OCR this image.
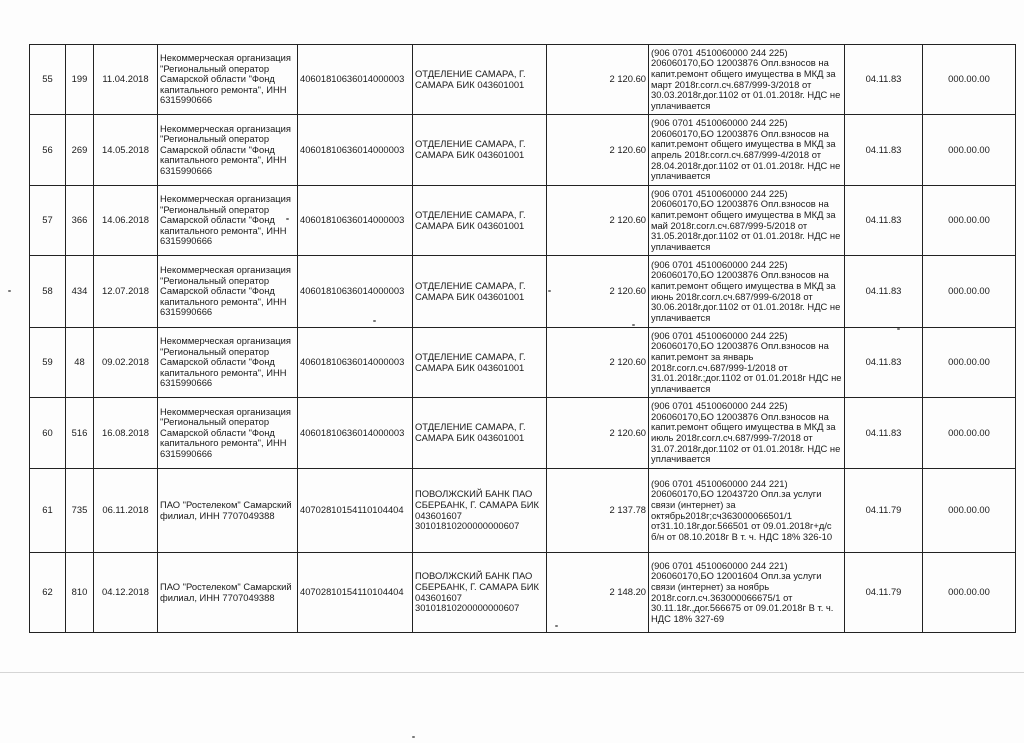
55	199	11.04.2018	Некоммерческая организация "Региональный оператор Самарской области "Фонд капитального ремонта", ИНН 6315990666	40601810636014000003	ОТДЕЛЕНИЕ САМАРА, Г. САМАРА БИК 043601001	2 120.60	(906 0701 4510060000 244 225) 206060170,БО 12003876 Опл.взносов на капит.ремонт общего имущества в МКД за март 2018г.согл.сч.687/999-3/2018 от 30.03.2018г.дог.1102 от 01.01.2018г. НДС не уплачивается	04.11.83	000.00.00
56	269	14.05.2018	Некоммерческая организация "Региональный оператор Самарской области "Фонд капитального ремонта", ИНН 6315990666	40601810636014000003	ОТДЕЛЕНИЕ САМАРА, Г. САМАРА БИК 043601001	2 120.60	(906 0701 4510060000 244 225) 206060170,БО 12003876 Опл.взносов на капит.ремонт общего имущества в МКД за апрель 2018г.согл.сч.687/999-4/2018 от 28.04.2018г.дог.1102 от 01.01.2018г. НДС не уплачивается	04.11.83	000.00.00
57	366	14.06.2018	Некоммерческая организация "Региональный оператор Самарской области "Фонд капитального ремонта", ИНН 6315990666	40601810636014000003	ОТДЕЛЕНИЕ САМАРА, Г. САМАРА БИК 043601001	2 120.60	(906 0701 4510060000 244 225) 206060170,БО 12003876 Опл.взносов на капит.ремонт общего имущества в МКД за май 2018г.согл.сч.687/999-5/2018 от 31.05.2018г.дог.1102 от 01.01.2018г. НДС не уплачивается	04.11.83	000.00.00
58	434	12.07.2018	Некоммерческая организация "Региональный оператор Самарской области "Фонд капитального ремонта", ИНН 6315990666	40601810636014000003	ОТДЕЛЕНИЕ САМАРА, Г. САМАРА БИК 043601001	2 120.60	(906 0701 4510060000 244 225) 206060170,БО 12003876 Опл.взносов на капит.ремонт общего имущества в МКД за июнь 2018г.согл.сч.687/999-6/2018 от 30.06.2018г.дог.1102 от 01.01.2018г. НДС не уплачивается	04.11.83	000.00.00
59	48	09.02.2018	Некоммерческая организация "Региональный оператор Самарской области "Фонд капитального ремонта", ИНН 6315990666	40601810636014000003	ОТДЕЛЕНИЕ САМАРА, Г. САМАРА БИК 043601001	2 120.60	(906 0701 4510060000 244 225) 206060170,БО 12003876 Опл.взносов на капит.ремонт за январь 2018г.согл.сч.687/999-1/2018 от 31.01.2018г.;дог.1102 от 01.01.2018г НДС не уплачивается	04.11.83	000.00.00
60	516	16.08.2018	Некоммерческая организация "Региональный оператор Самарской области "Фонд капитального ремонта", ИНН 6315990666	40601810636014000003	ОТДЕЛЕНИЕ САМАРА, Г. САМАРА БИК 043601001	2 120.60	(906 0701 4510060000 244 225) 206060170,БО 12003876 Опл.взносов на капит.ремонт общего имущества в МКД за июль 2018г.согл.сч.687/999-7/2018 от 31.07.2018г.дог.1102 от 01.01.2018г. НДС не уплачивается	04.11.83	000.00.00
61	735	06.11.2018	ПАО "Ростелеком" Самарский филиал, ИНН 7707049388	40702810154110104404	ПОВОЛЖСКИЙ БАНК ПАО СБЕРБАНК, Г. САМАРА БИК 043601607 30101810200000000607	2 137.78	(906 0701 4510060000 244 221) 206060170,БО 12043720 Опл.за услуги связи (интернет) за октябрь2018г;сч363000066501/1 от31.10.18г.дог.566501 от 09.01.2018г+д/с б/н от 08.10.2018г В т. ч. НДС 18% 326-10	04.11.79	000.00.00
62	810	04.12.2018	ПАО "Ростелеком" Самарский филиал, ИНН 7707049388	40702810154110104404	ПОВОЛЖСКИЙ БАНК ПАО СБЕРБАНК, Г. САМАРА БИК 043601607 30101810200000000607	2 148.20	(906 0701 4510060000 244 221) 206060170,БО 12001604 Опл.за услуги связи (интернет) за ноябрь 2018г.согл.сч.363000066675/1 от 30.11.18г.,дог.566675 от 09.01.2018г В т. ч. НДС 18% 327-69	04.11.79	000.00.00
